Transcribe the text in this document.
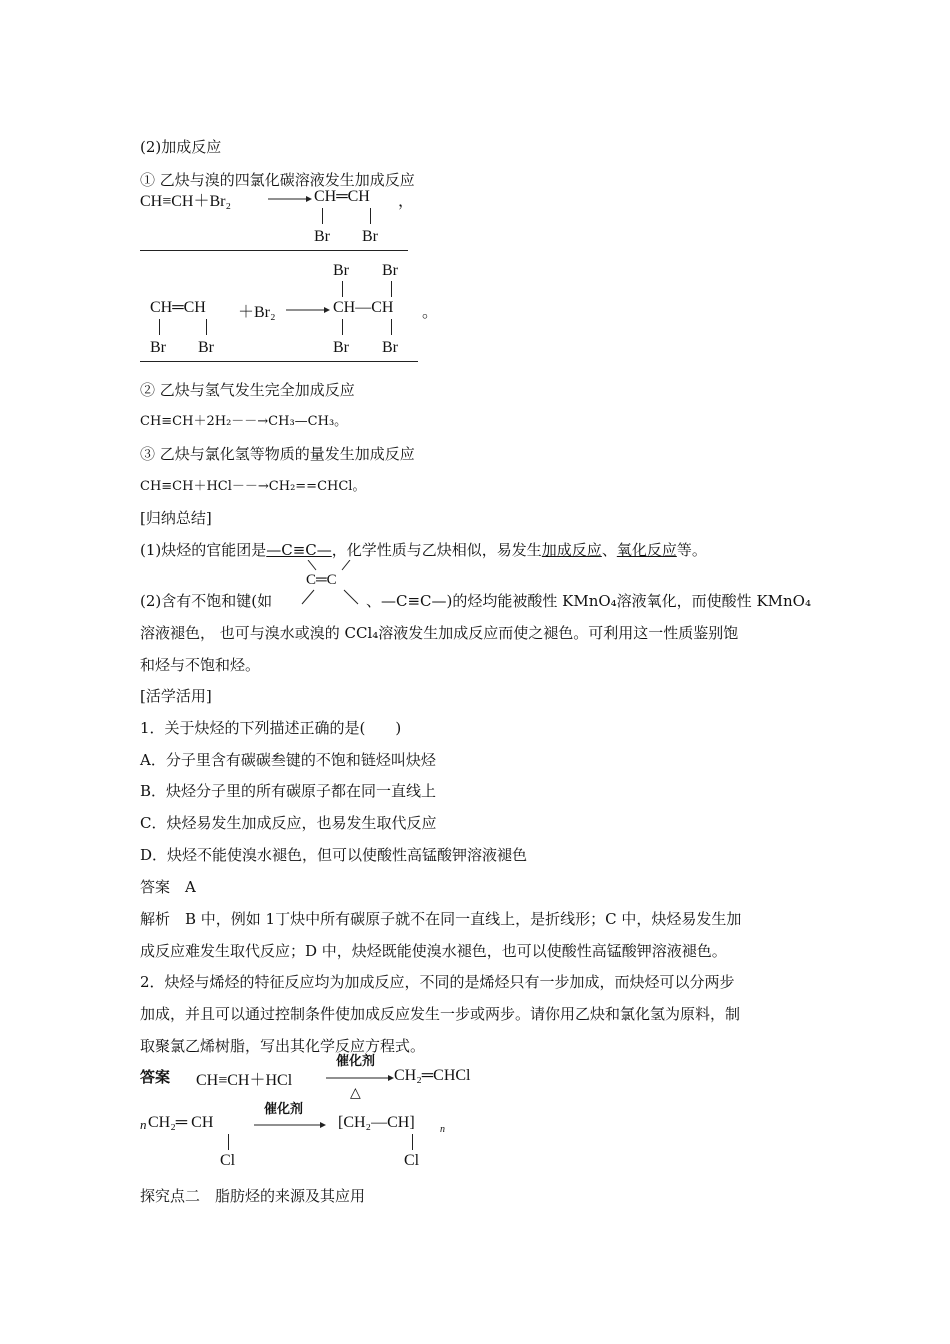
(2)加成反应
① 乙炔与溴的四氯化碳溶液发生加成反应
CH≡CH＋Br₂	CH═CH ，
Br Br
Br Br
CH═CH ＋Br₂	CH—CH 。
Br Br	Br Br
② 乙炔与氢气发生完全加成反应
CH≡CH＋2H₂－－→CH₃—CH₃。
③ 乙炔与氯化氢等物质的量发生加成反应
CH≡CH＋HCl－－→CH₂==CHCl。
[归纳总结]
(1)炔烃的官能团是—C≡C—，化学性质与乙炔相似，易发生加成反应、氧化反应等。
C═C
(2)含有不饱和键(如	、—C≡C—)的烃均能被酸性 KMnO₄溶液氧化，而使酸性 KMnO₄
溶液褪色， 也可与溴水或溴的 CCl₄溶液发生加成反应而使之褪色。可利用这一性质鉴别饱
和烃与不饱和烃。
[活学活用]
1．关于炔烃的下列描述正确的是(　　)
A．分子里含有碳碳叁键的不饱和链烃叫炔烃
B．炔烃分子里的所有碳原子都在同一直线上
C．炔烃易发生加成反应，也易发生取代反应
D．炔烃不能使溴水褪色，但可以使酸性高锰酸钾溶液褪色
答案　A
解析　B 中，例如 1丁炔中所有碳原子就不在同一直线上，是折线形；C 中，炔烃易发生加
成反应难发生取代反应；D 中，炔烃既能使溴水褪色，也可以使酸性高锰酸钾溶液褪色。
2．炔烃与烯烃的特征反应均为加成反应，不同的是烯烃只有一步加成，而炔烃可以分两步
加成，并且可以通过控制条件使加成反应发生一步或两步。请你用乙炔和氯化氢为原料，制
取聚氯乙烯树脂，写出其化学反应方程式。
答案 CH≡CH＋HCl
催化剂
△
CH₂═CHCl
n CH₂═ CH
催化剂
[CH₂—CH]	n
Cl	Cl
探究点二　脂肪烃的来源及其应用
